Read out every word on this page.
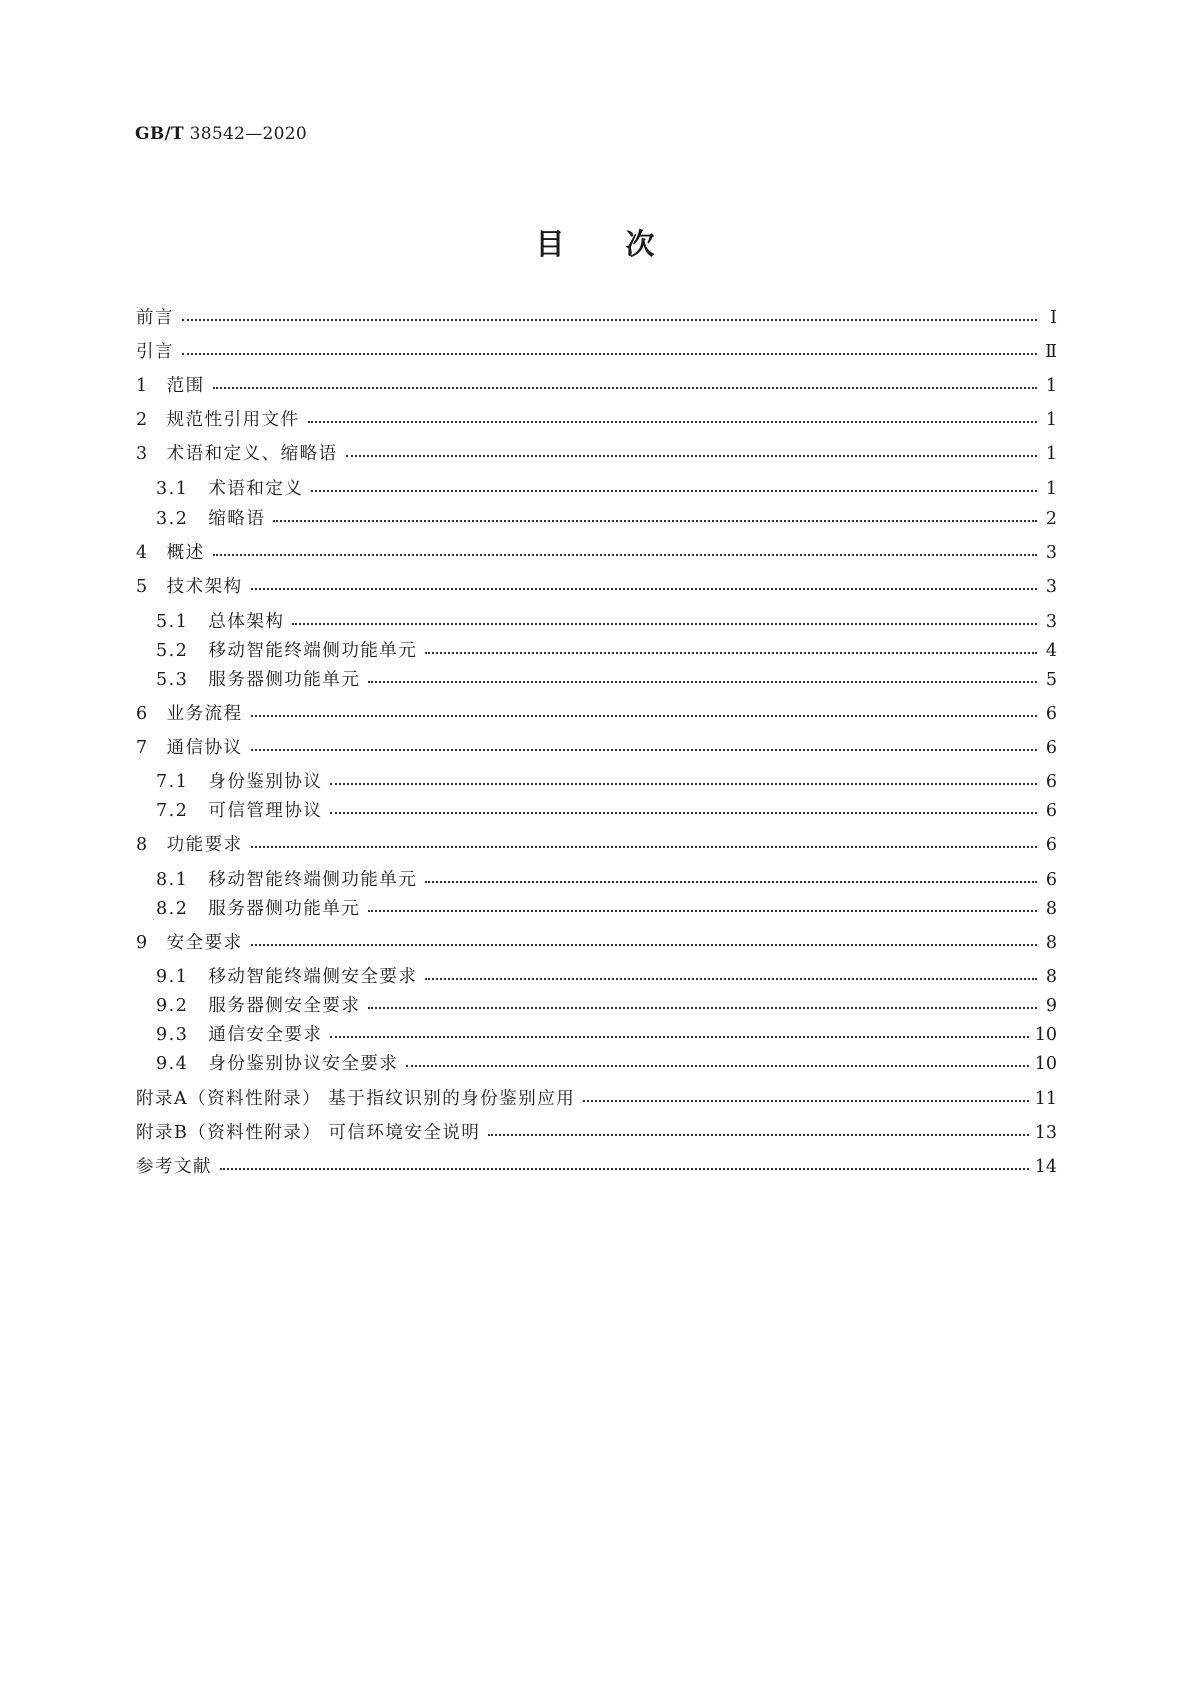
GB/T 38542—2020
目 次
前言	Ⅰ
引言	Ⅱ
1 范围	1
2 规范性引用文件	1
3 术语和定义、缩略语	1
3.1 术语和定义	1
3.2 缩略语	2
4 概述	3
5 技术架构	3
5.1 总体架构	3
5.2 移动智能终端侧功能单元	4
5.3 服务器侧功能单元	5
6 业务流程	6
7 通信协议	6
7.1 身份鉴别协议	6
7.2 可信管理协议	6
8 功能要求	6
8.1 移动智能终端侧功能单元	6
8.2 服务器侧功能单元	8
9 安全要求	8
9.1 移动智能终端侧安全要求	8
9.2 服务器侧安全要求	9
9.3 通信安全要求	10
9.4 身份鉴别协议安全要求	10
附录A（资料性附录） 基于指纹识别的身份鉴别应用	11
附录B（资料性附录） 可信环境安全说明	13
参考文献	14
